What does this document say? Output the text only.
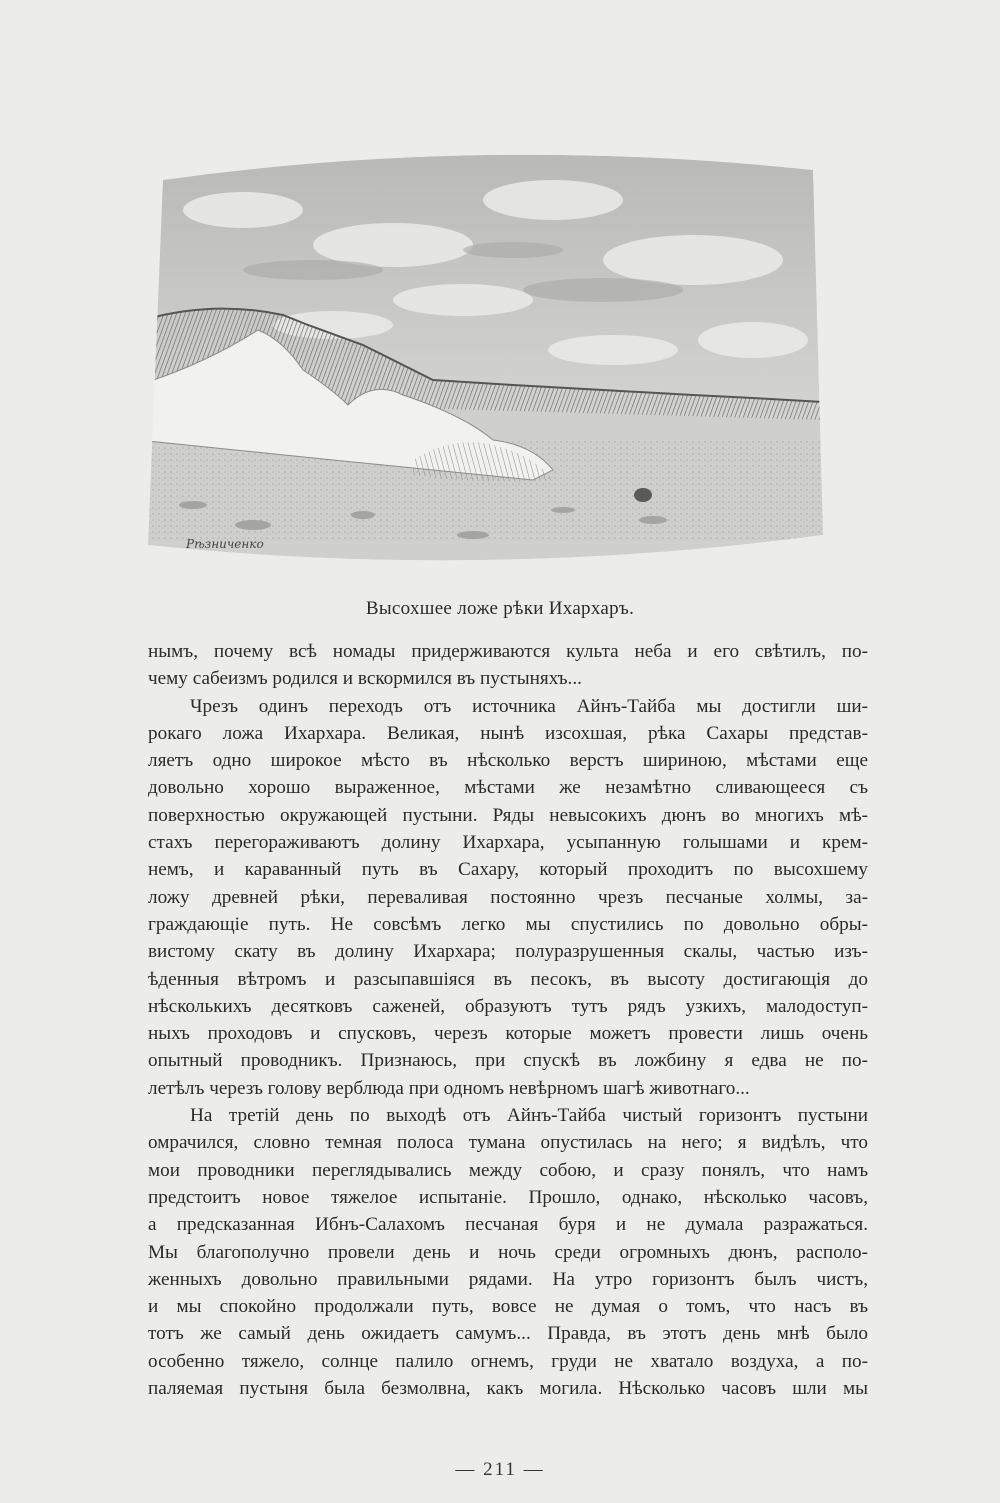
Рѣзниченко
Высохшее ложе рѣки Ихархаръ.
нымъ, почему всѣ номады придерживаются культа неба и его свѣтилъ, по-
чему сабеизмъ родился и вскормился въ пустыняхъ...
Чрезъ одинъ переходъ отъ источника Айнъ-Тайба мы достигли ши-
рокаго ложа Ихархара. Великая, нынѣ изсохшая, рѣка Сахары представ-
ляетъ одно широкое мѣсто въ нѣсколько верстъ шириною, мѣстами еще
довольно хорошо выраженное, мѣстами же незамѣтно сливающееся съ
поверхностью окружающей пустыни. Ряды невысокихъ дюнъ во многихъ мѣ-
стахъ перегораживаютъ долину Ихархара, усыпанную голышами и крем-
немъ, и караванный путь въ Сахару, который проходитъ по высохшему
ложу древней рѣки, переваливая постоянно чрезъ песчаные холмы, за-
граждающіе путь. Не совсѣмъ легко мы спустились по довольно обры-
вистому скату въ долину Ихархара; полуразрушенныя скалы, частью изъ-
ѣденныя вѣтромъ и разсыпавшіяся въ песокъ, въ высоту достигающія до
нѣсколькихъ десятковъ саженей, образуютъ тутъ рядъ узкихъ, малодоступ-
ныхъ проходовъ и спусковъ, черезъ которые можетъ провести лишь очень
опытный проводникъ. Признаюсь, при спускѣ въ ложбину я едва не по-
летѣлъ черезъ голову верблюда при одномъ невѣрномъ шагѣ животнаго...
На третій день по выходѣ отъ Айнъ-Тайба чистый горизонтъ пустыни
омрачился, словно темная полоса тумана опустилась на него; я видѣлъ, что
мои проводники переглядывались между собою, и сразу понялъ, что намъ
предстоитъ новое тяжелое испытаніе. Прошло, однако, нѣсколько часовъ,
а предсказанная Ибнъ-Салахомъ песчаная буря и не думала разражаться.
Мы благополучно провели день и ночь среди огромныхъ дюнъ, располо-
женныхъ довольно правильными рядами. На утро горизонтъ былъ чистъ,
и мы спокойно продолжали путь, вовсе не думая о томъ, что насъ въ
тотъ же самый день ожидаетъ самумъ... Правда, въ этотъ день мнѣ было
особенно тяжело, солнце палило огнемъ, груди не хватало воздуха, а по-
паляемая пустыня была безмолвна, какъ могила. Нѣсколько часовъ шли мы
— 211 —
